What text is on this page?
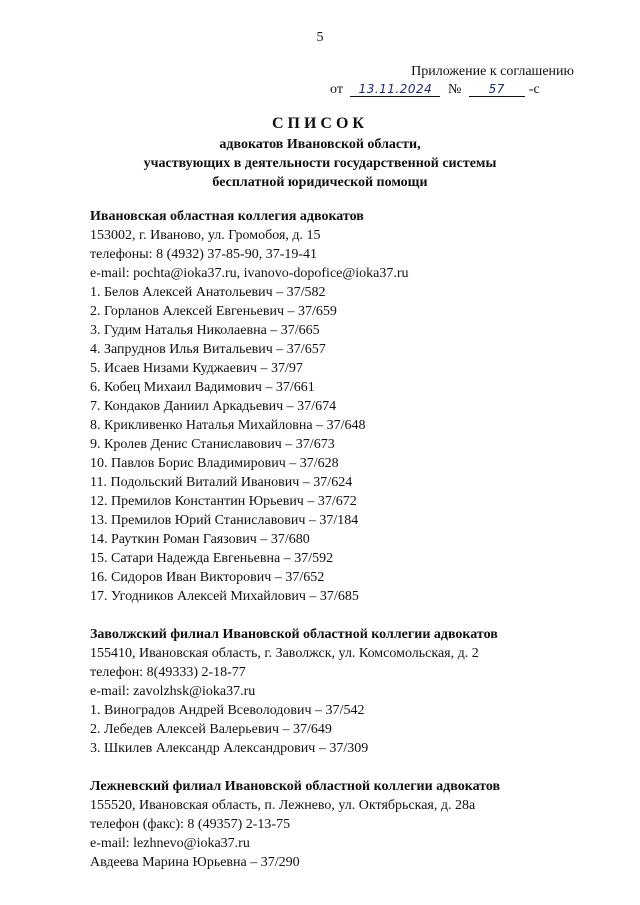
5
Приложение к соглашению
от 13.11.2024 № 57 -с
СПИСОК
адвокатов Ивановской области,
участвующих в деятельности государственной системы
бесплатной юридической помощи
Ивановская областная коллегия адвокатов
153002, г. Иваново, ул. Громобоя, д. 15
телефоны: 8 (4932) 37-85-90, 37-19-41
e-mail: pochta@ioka37.ru, ivanovo-dopofice@ioka37.ru
1. Белов Алексей Анатольевич – 37/582
2. Горланов Алексей Евгеньевич – 37/659
3. Гудим Наталья Николаевна – 37/665
4. Запруднов Илья Витальевич – 37/657
5. Исаев Низами Куджаевич – 37/97
6. Кобец Михаил Вадимович – 37/661
7. Кондаков Даниил Аркадьевич – 37/674
8. Крикливенко Наталья Михайловна – 37/648
9. Кролев Денис Станиславович – 37/673
10. Павлов Борис Владимирович – 37/628
11. Подольский Виталий Иванович – 37/624
12. Премилов Константин Юрьевич – 37/672
13. Премилов Юрий Станиславович – 37/184
14. Рауткин Роман Гаязович – 37/680
15. Сатари Надежда Евгеньевна – 37/592
16. Сидоров Иван Викторович – 37/652
17. Угодников Алексей Михайлович – 37/685
Заволжский филиал Ивановской областной коллегии адвокатов
155410, Ивановская область, г. Заволжск, ул. Комсомольская, д. 2
телефон: 8(49333) 2-18-77
e-mail: zavolzhsk@ioka37.ru
1. Виноградов Андрей Всеволодович – 37/542
2. Лебедев Алексей Валерьевич – 37/649
3. Шкилев Александр Александрович – 37/309
Лежневский филиал Ивановской областной коллегии адвокатов
155520, Ивановская область, п. Лежнево, ул. Октябрьская, д. 28а
телефон (факс): 8 (49357) 2-13-75
e-mail: lezhnevo@ioka37.ru
Авдеева Марина Юрьевна – 37/290
